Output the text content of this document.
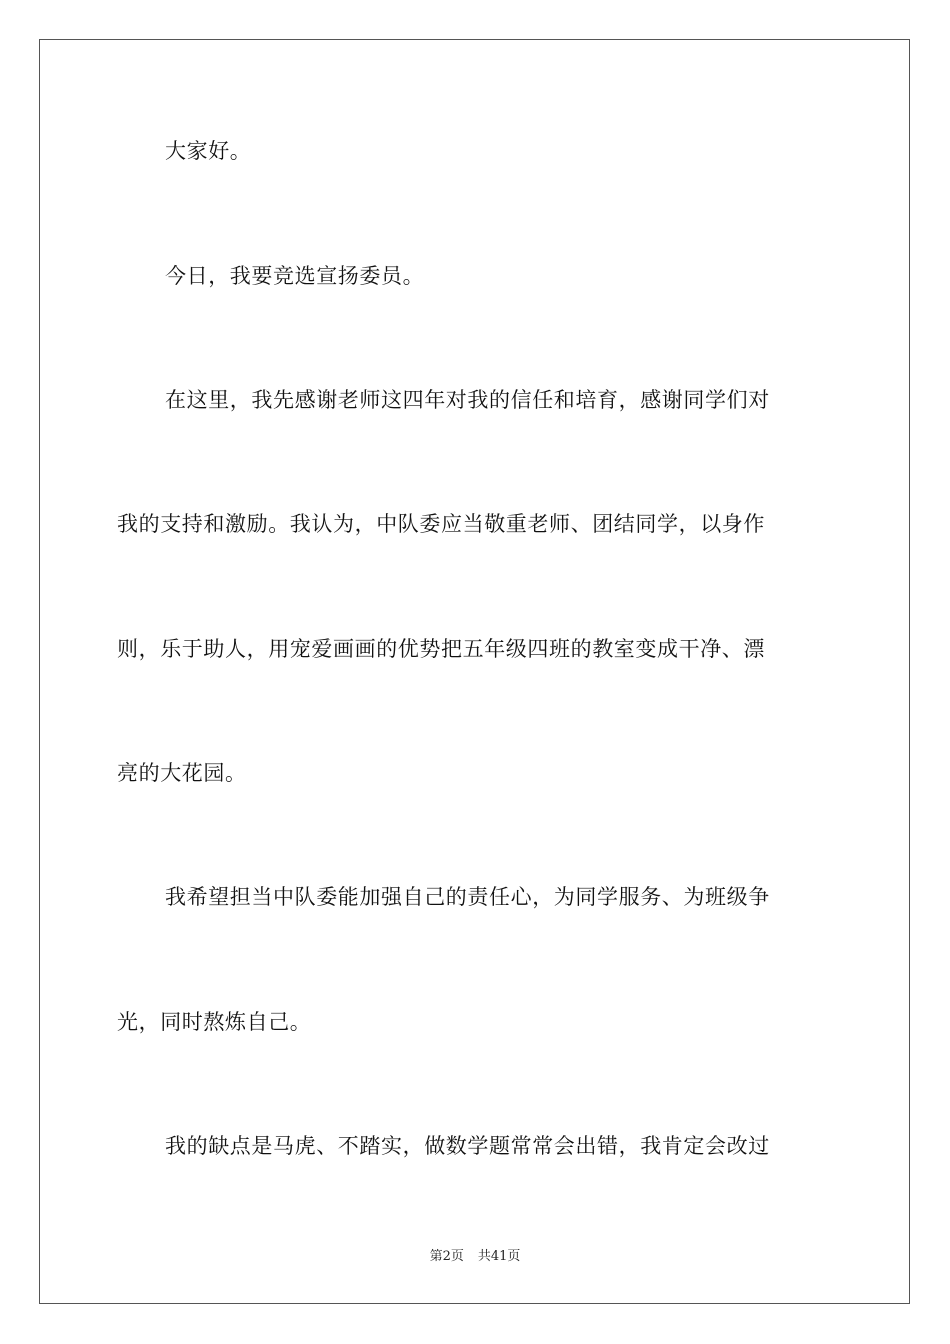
大家好。
今日，我要竞选宣扬委员。
在这里，我先感谢老师这四年对我的信任和培育，感谢同学们对
我的支持和激励。我认为，中队委应当敬重老师、团结同学，以身作
则，乐于助人，用宠爱画画的优势把五年级四班的教室变成干净、漂
亮的大花园。
我希望担当中队委能加强自己的责任心，为同学服务、为班级争
光，同时熬炼自己。
我的缺点是马虎、不踏实，做数学题常常会出错，我肯定会改过
第2页 共41页
